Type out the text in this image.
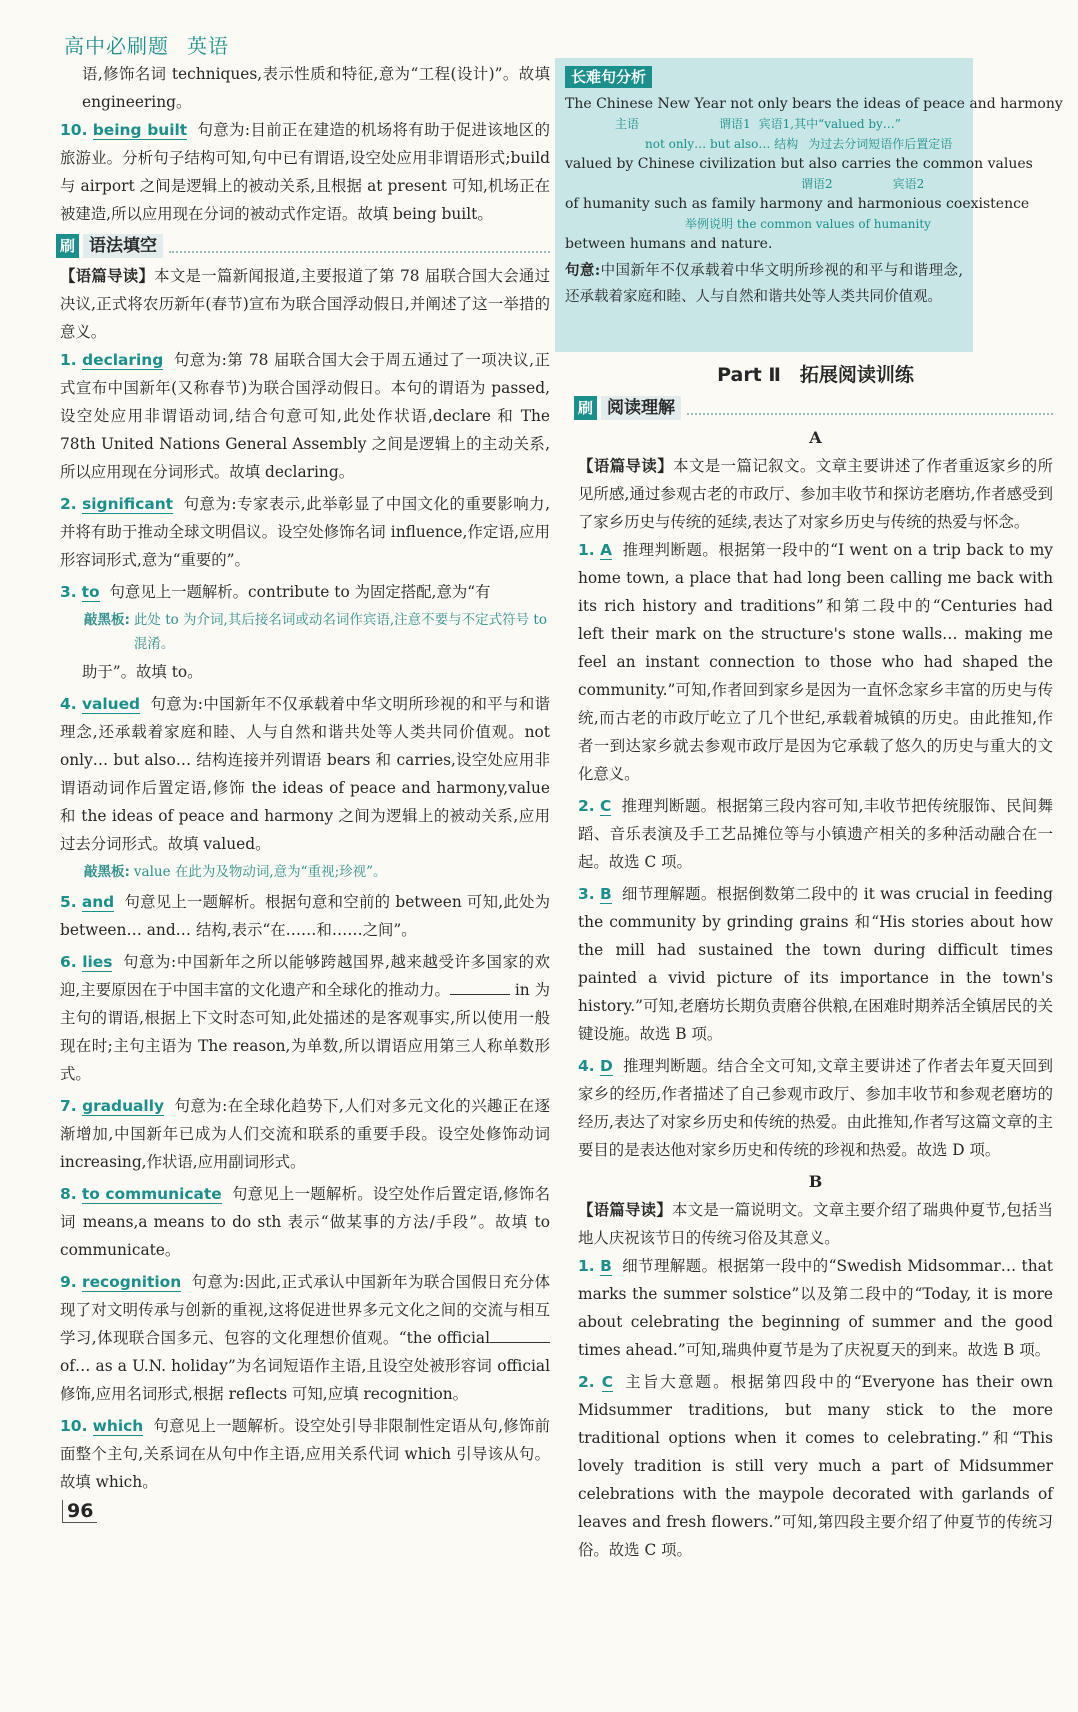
高中必刷题 英语

语,修饰名词 techniques,表示性质和特征,意为“工程(设计)”。故填 engineering。

10. being built 句意为:目前正在建造的机场将有助于促进该地区的旅游业。分析句子结构可知,句中已有谓语,设空处应用非谓语形式;build 与 airport 之间是逻辑上的被动关系,且根据 at present 可知,机场正在被建造,所以应用现在分词的被动式作定语。故填 being built。

刷 语法填空

【语篇导读】本文是一篇新闻报道,主要报道了第 78 届联合国大会通过决议,正式将农历新年(春节)宣布为联合国浮动假日,并阐述了这一举措的意义。

1. declaring 句意为:第 78 届联合国大会于周五通过了一项决议,正式宣布中国新年(又称春节)为联合国浮动假日。本句的谓语为 passed,设空处应用非谓语动词,结合句意可知,此处作状语,declare 和 The 78th United Nations General Assembly 之间是逻辑上的主动关系,所以应用现在分词形式。故填 declaring。

2. significant 句意为:专家表示,此举彰显了中国文化的重要影响力,并将有助于推动全球文明倡议。设空处修饰名词 influence,作定语,应用形容词形式,意为“重要的”。

3. to 句意见上一题解析。contribute to 为固定搭配,意为“有

敲黑板: 此处 to 为介词,其后接名词或动名词作宾语,注意不要与不定式符号 to 混淆。

助于”。故填 to。

4. valued 句意为:中国新年不仅承载着中华文明所珍视的和平与和谐理念,还承载着家庭和睦、人与自然和谐共处等人类共同价值观。not only… but also… 结构连接并列谓语 bears 和 carries,设空处应用非谓语动词作后置定语,修饰 the ideas of peace and harmony,value 和 the ideas of peace and harmony 之间为逻辑上的被动关系,应用过去分词形式。故填 valued。

敲黑板: value 在此为及物动词,意为“重视;珍视”。

5. and 句意见上一题解析。根据句意和空前的 between 可知,此处为 between… and… 结构,表示“在……和……之间”。

6. lies 句意为:中国新年之所以能够跨越国界,越来越受许多国家的欢迎,主要原因在于中国丰富的文化遗产和全球化的推动力。	in 为主句的谓语,根据上下文时态可知,此处描述的是客观事实,所以使用一般现在时;主句主语为 The reason,为单数,所以谓语应用第三人称单数形式。

7. gradually 句意为:在全球化趋势下,人们对多元文化的兴趣正在逐渐增加,中国新年已成为人们交流和联系的重要手段。设空处修饰动词 increasing,作状语,应用副词形式。

8. to communicate 句意见上一题解析。设空处作后置定语,修饰名词 means,a means to do sth 表示“做某事的方法/手段”。故填 to communicate。

9. recognition 句意为:因此,正式承认中国新年为联合国假日充分体现了对文明传承与创新的重视,这将促进世界多元文化之间的交流与相互学习,体现联合国多元、包容的文化理想价值观。“the official of… as a U.N. holiday”为名词短语作主语,且设空处被形容词 official 修饰,应用名词形式,根据 reflects 可知,应填 recognition。

10. which 句意见上一题解析。设空处引导非限制性定语从句,修饰前面整个主句,关系词在从句中作主语,应用关系代词 which 引导该从句。故填 which。

长难句分析
The Chinese New Year not only bears the ideas of peace and harmony
主语	谓语1 宾语1,其中“valued by…”
not only… but also… 结构 为过去分词短语作后置定语
valued by Chinese civilization but also carries the common values
谓语2	宾语2
of humanity such as family harmony and harmonious coexistence
举例说明 the common values of humanity
between humans and nature.

句意:中国新年不仅承载着中华文明所珍视的和平与和谐理念,还承载着家庭和睦、人与自然和谐共处等人类共同价值观。

Part Ⅱ　拓展阅读训练
刷 阅读理解
A

【语篇导读】本文是一篇记叙文。文章主要讲述了作者重返家乡的所见所感,通过参观古老的市政厅、参加丰收节和探访老磨坊,作者感受到了家乡历史与传统的延续,表达了对家乡历史与传统的热爱与怀念。

1. A 推理判断题。根据第一段中的“I went on a trip back to my home town, a place that had long been calling me back with its rich history and traditions”和第二段中的“Centuries had left their mark on the structure's stone walls… making me feel an instant connection to those who had shaped the community.”可知,作者回到家乡是因为一直怀念家乡丰富的历史与传统,而古老的市政厅屹立了几个世纪,承载着城镇的历史。由此推知,作者一到达家乡就去参观市政厅是因为它承载了悠久的历史与重大的文化意义。

2. C 推理判断题。根据第三段内容可知,丰收节把传统服饰、民间舞蹈、音乐表演及手工艺品摊位等与小镇遗产相关的多种活动融合在一起。故选 C 项。

3. B 细节理解题。根据倒数第二段中的 it was crucial in feeding the community by grinding grains 和“His stories about how the mill had sustained the town during difficult times painted a vivid picture of its importance in the town's history.”可知,老磨坊长期负责磨谷供粮,在困难时期养活全镇居民的关键设施。故选 B 项。

4. D 推理判断题。结合全文可知,文章主要讲述了作者去年夏天回到家乡的经历,作者描述了自己参观市政厅、参加丰收节和参观老磨坊的经历,表达了对家乡历史和传统的热爱。由此推知,作者写这篇文章的主要目的是表达他对家乡历史和传统的珍视和热爱。故选 D 项。

B

【语篇导读】本文是一篇说明文。文章主要介绍了瑞典仲夏节,包括当地人庆祝该节日的传统习俗及其意义。

1. B 细节理解题。根据第一段中的“Swedish Midsommar… that marks the summer solstice”以及第二段中的“Today, it is more about celebrating the beginning of summer and the good times ahead.”可知,瑞典仲夏节是为了庆祝夏天的到来。故选 B 项。

2. C 主旨大意题。根据第四段中的“Everyone has their own Midsummer traditions, but many stick to the more traditional options when it comes to celebrating.”和“This lovely tradition is still very much a part of Midsummer celebrations with the maypole decorated with garlands of leaves and fresh flowers.”可知,第四段主要介绍了仲夏节的传统习俗。故选 C 项。

96
